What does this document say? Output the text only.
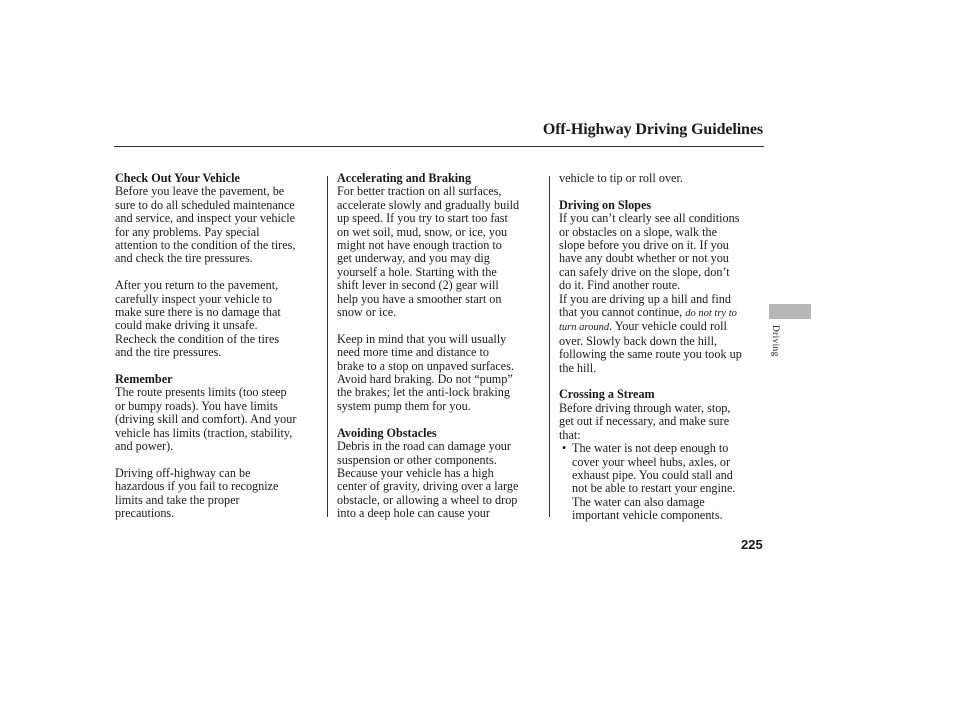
Off-Highway Driving Guidelines

Check Out Your Vehicle

Before you leave the pavement, be

sure to do all scheduled maintenance

and service, and inspect your vehicle

for any problems. Pay special

attention to the condition of the tires,

and check the tire pressures.

After you return to the pavement,

carefully inspect your vehicle to

make sure there is no damage that

could make driving it unsafe.

Recheck the condition of the tires

and the tire pressures.

Remember

The route presents limits (too steep

or bumpy roads). You have limits

(driving skill and comfort). And your

vehicle has limits (traction, stability,

and power).

Driving off-highway can be

hazardous if you fail to recognize

limits and take the proper

precautions.

Accelerating and Braking

For better traction on all surfaces,

accelerate slowly and gradually build

up speed. If you try to start too fast

on wet soil, mud, snow, or ice, you

might not have enough traction to

get underway, and you may dig

yourself a hole. Starting with the

shift lever in second (2) gear will

help you have a smoother start on

snow or ice.

Keep in mind that you will usually

need more time and distance to

brake to a stop on unpaved surfaces.

Avoid hard braking. Do not “pump”

the brakes; let the anti-lock braking

system pump them for you.

Avoiding Obstacles

Debris in the road can damage your

suspension or other components.

Because your vehicle has a high

center of gravity, driving over a large

obstacle, or allowing a wheel to drop

into a deep hole can cause your

vehicle to tip or roll over.

Driving on Slopes

If you can’t clearly see all conditions

or obstacles on a slope, walk the

slope before you drive on it. If you

have any doubt whether or not you

can safely drive on the slope, don’t

do it. Find another route.

If you are driving up a hill and find

that you cannot continue, do not try to

turn around. Your vehicle could roll

over. Slowly back down the hill,

following the same route you took up

the hill.

Crossing a Stream

Before driving through water, stop,

get out if necessary, and make sure

that:

• The water is not deep enough to

cover your wheel hubs, axles, or

exhaust pipe. You could stall and

not be able to restart your engine.

The water can also damage

important vehicle components.

Driving
225
